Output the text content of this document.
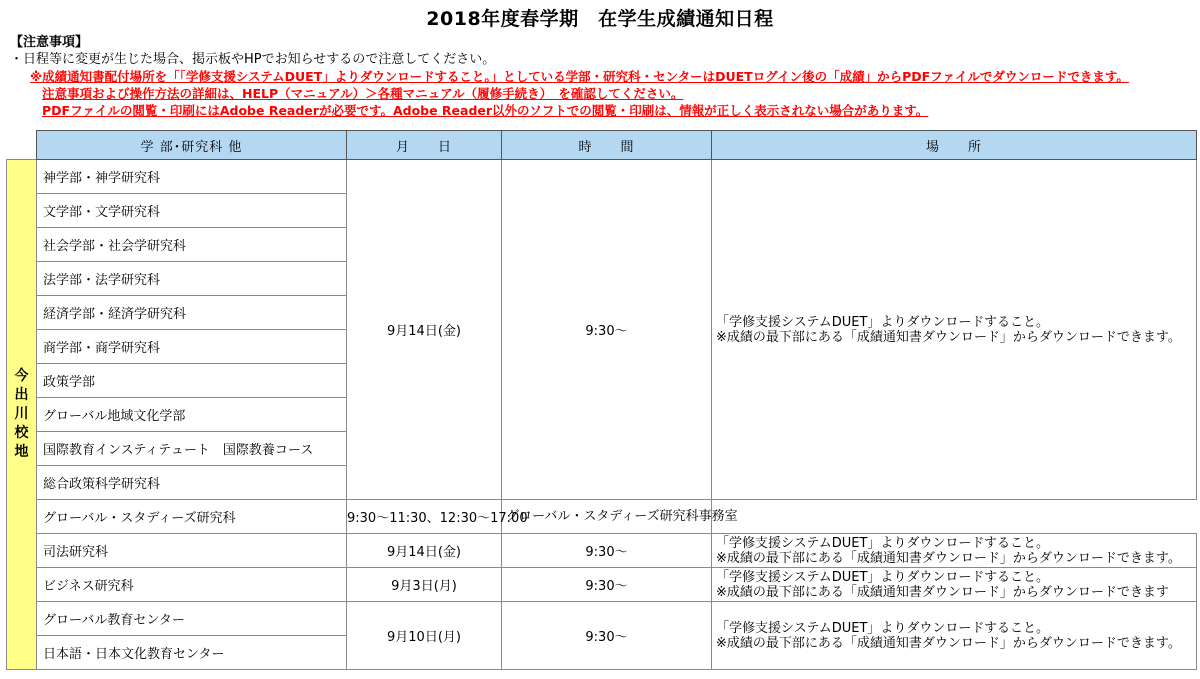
2018年度春学期　在学生成績通知日程
【注意事項】
・日程等に変更が生じた場合、掲示板やHPでお知らせするので注意してください。
※成績通知書配付場所を「「学修支援システムDUET」よりダウンロードすること。」としている学部・研究科・センターはDUETログイン後の「成績」からPDFファイルでダウンロードできます。
注意事項および操作方法の詳細は、HELP（マニュアル）＞各種マニュアル（履修手続き）　を確認してください。
PDFファイルの閲覧・印刷にはAdobe Readerが必要です。Adobe Reader以外のソフトでの閲覧・印刷は、情報が正しく表示されない場合があります。
	学 部･研究科 他	月　　日	時　　間	場　　所
今出川校地	神学部・神学研究科	9月14日(金)	9:30～	「学修支援システムDUET」よりダウンロードすること。
※成績の最下部にある「成績通知書ダウンロード」からダウンロードできます。

	文学部・文学研究科			
	社会学部・社会学研究科			
	法学部・法学研究科			
	経済学部・経済学研究科			
	商学部・商学研究科			
	政策学部			
	グローバル地域文化学部			
	国際教育インスティテュート　国際教養コース			
	総合政策科学研究科			
	グローバル・スタディーズ研究科	9:30～11:30、12:30～17:00	グローバル・スタディーズ研究科事務室	
	司法研究科	9月14日(金)	9:30～	「学修支援システムDUET」よりダウンロードすること。
※成績の最下部にある「成績通知書ダウンロード」からダウンロードできます。

	ビジネス研究科	9月3日(月)	9:30～	「学修支援システムDUET」よりダウンロードすること。
※成績の最下部にある「成績通知書ダウンロード」からダウンロードできます

	グローバル教育センター	9月10日(月)	9:30～	「学修支援システムDUET」よりダウンロードすること。
※成績の最下部にある「成績通知書ダウンロード」からダウンロードできます。

	日本語・日本文化教育センター			
